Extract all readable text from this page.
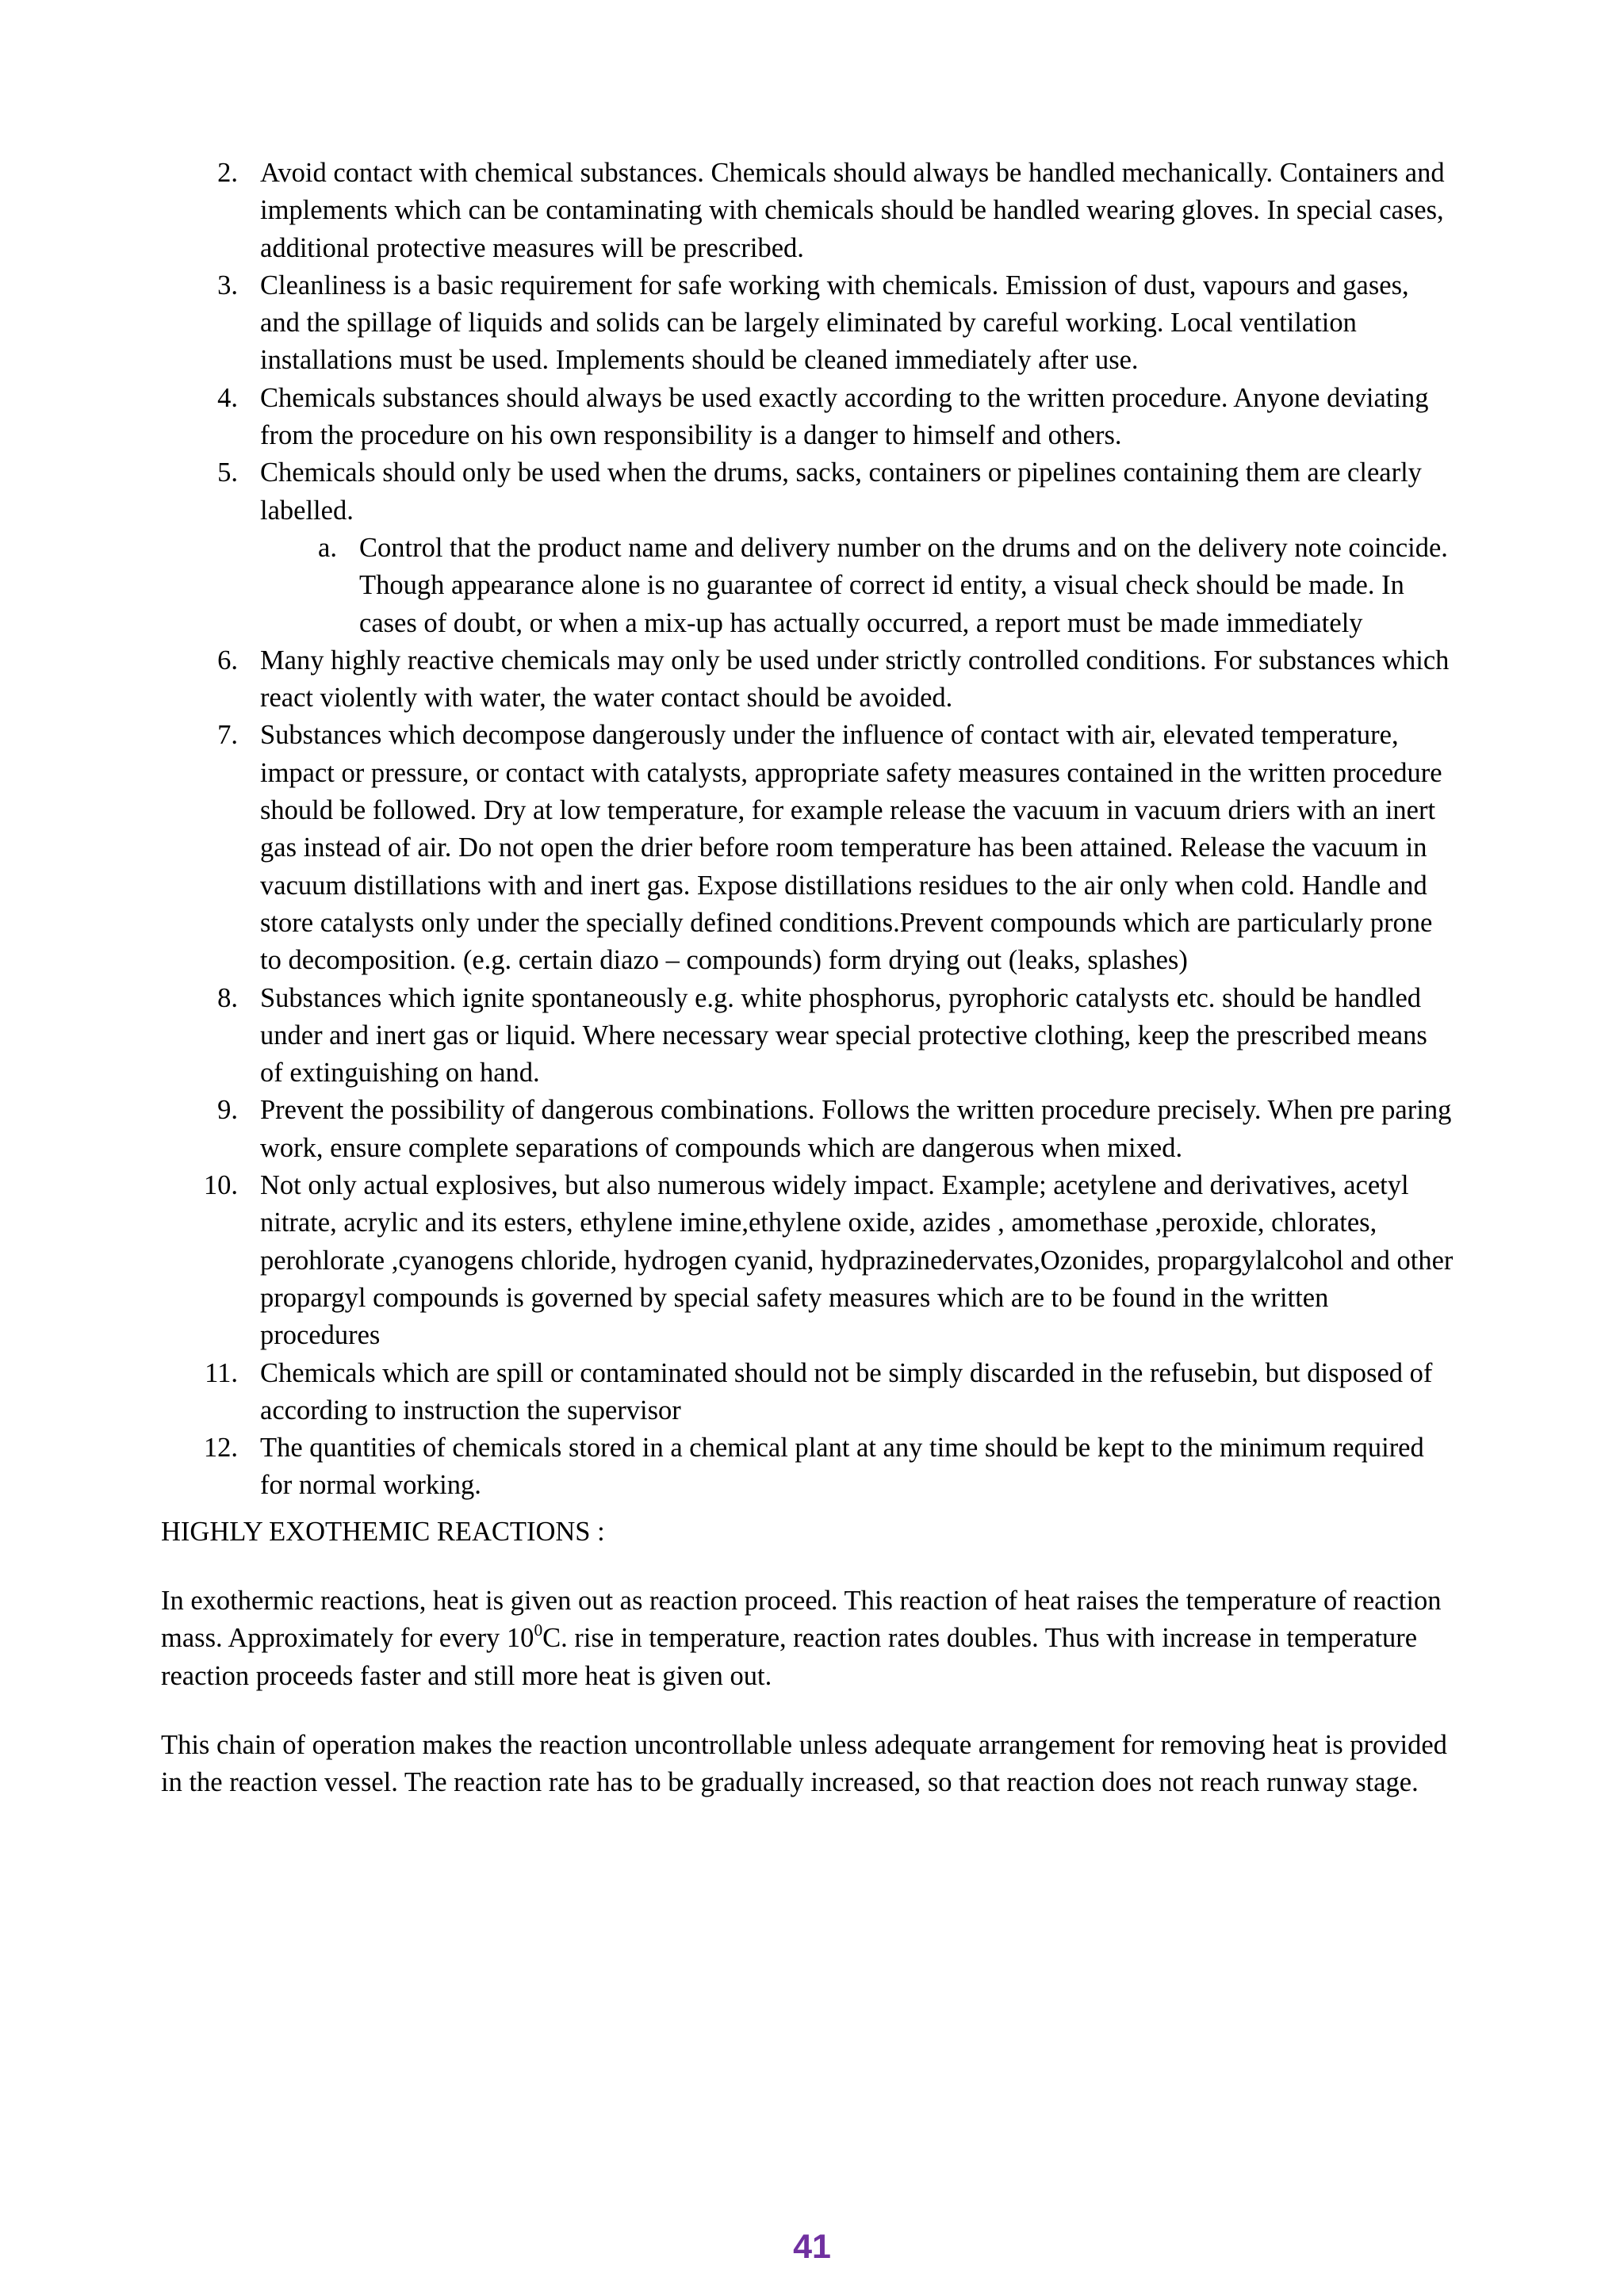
2. Avoid contact with chemical substances. Chemicals should always be handled mechanically. Containers and implements which can be contaminating with chemicals should be handled wearing gloves. In special cases, additional protective measures will be prescribed.
3. Cleanliness is a basic requirement for safe working with chemicals. Emission of dust, vapours and gases, and the spillage of liquids and solids can be largely eliminated by careful working. Local ventilation installations must be used. Implements should be cleaned immediately after use.
4. Chemicals substances should always be used exactly according to the written procedure. Anyone deviating from the procedure on his own responsibility is a danger to himself and others.
5. Chemicals should only be used when the drums, sacks, containers or pipelines containing them are clearly labelled.
a. Control that the product name and delivery number on the drums and on the delivery note coincide. Though appearance alone is no guarantee of correct id entity, a visual check should be made. In cases of doubt, or when a mix-up has actually occurred, a report must be made immediately
6. Many highly reactive chemicals may only be used under strictly controlled conditions. For substances which react violently with water, the water contact should be avoided.
7. Substances which decompose dangerously under the influence of contact with air, elevated temperature, impact or pressure, or contact with catalysts, appropriate safety measures contained in the written procedure should be followed. Dry at low temperature, for example release the vacuum in vacuum driers with an inert gas instead of air. Do not open the drier before room temperature has been attained. Release the vacuum in vacuum distillations with and inert gas. Expose distillations residues to the air only when cold. Handle and store catalysts only under the specially defined conditions.Prevent compounds which are particularly prone to decomposition. (e.g. certain diazo – compounds) form drying out (leaks, splashes)
8. Substances which ignite spontaneously e.g. white phosphorus, pyrophoric catalysts etc. should be handled under and inert gas or liquid. Where necessary wear special protective clothing, keep the prescribed means of extinguishing on hand.
9. Prevent the possibility of dangerous combinations. Follows the written procedure precisely. When pre paring work, ensure complete separations of compounds which are dangerous when mixed.
10. Not only actual explosives, but also numerous widely impact. Example; acetylene and derivatives, acetyl nitrate, acrylic and its esters, ethylene imine,ethylene oxide, azides , amomethase ,peroxide, chlorates, perohlorate ,cyanogens chloride, hydrogen cyanid, hydprazinedervates,Ozonides, propargylalcohol and other propargyl compounds is governed by special safety measures which are to be found in the written procedures
11. Chemicals which are spill or contaminated should not be simply discarded in the refusebin, but disposed of according to instruction the supervisor
12. The quantities of chemicals stored in a chemical plant at any time should be kept to the minimum required for normal working.
HIGHLY EXOTHEMIC REACTIONS :

In exothermic reactions, heat is given out as reaction proceed. This reaction of heat raises the temperature of reaction mass. Approximately for every $10^0C$. rise in temperature, reaction rates doubles. Thus with increase in temperature reaction proceeds faster and still more heat is given out.

This chain of operation makes the reaction uncontrollable unless adequate arrangement for removing heat is provided in the reaction vessel. The reaction rate has to be gradually increased, so that reaction does not reach runway stage.

41
